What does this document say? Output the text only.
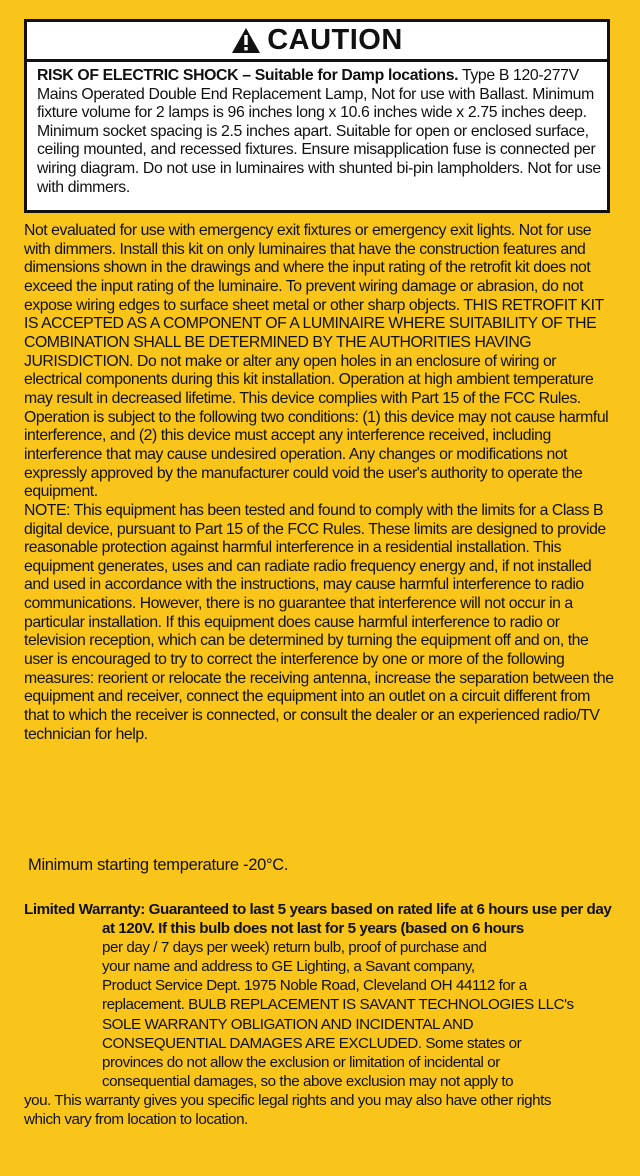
CAUTION
RISK OF ELECTRIC SHOCK – Suitable for Damp locations. Type B 120-277V Mains Operated Double End Replacement Lamp, Not for use with Ballast. Minimum fixture volume for 2 lamps is 96 inches long x 10.6 inches wide x 2.75 inches deep. Minimum socket spacing is 2.5 inches apart. Suitable for open or enclosed surface, ceiling mounted, and recessed fixtures. Ensure misapplication fuse is connected per wiring diagram. Do not use in luminaires with shunted bi-pin lampholders. Not for use with dimmers.
Not evaluated for use with emergency exit fixtures or emergency exit lights. Not for use with dimmers. Install this kit on only luminaires that have the construction features and dimensions shown in the drawings and where the input rating of the retrofit kit does not exceed the input rating of the luminaire. To prevent wiring damage or abrasion, do not expose wiring edges to surface sheet metal or other sharp objects. THIS RETROFIT KIT IS ACCEPTED AS A COMPONENT OF A LUMINAIRE WHERE SUITABILITY OF THE COMBINATION SHALL BE DETERMINED BY THE AUTHORITIES HAVING JURISDICTION. Do not make or alter any open holes in an enclosure of wiring or electrical components during this kit installation. Operation at high ambient temperature may result in decreased lifetime. This device complies with Part 15 of the FCC Rules. Operation is subject to the following two conditions: (1) this device may not cause harmful interference, and (2) this device must accept any interference received, including interference that may cause undesired operation. Any changes or modifications not expressly approved by the manufacturer could void the user's authority to operate the equipment.
NOTE: This equipment has been tested and found to comply with the limits for a Class B digital device, pursuant to Part 15 of the FCC Rules. These limits are designed to provide reasonable protection against harmful interference in a residential installation. This equipment generates, uses and can radiate radio frequency energy and, if not installed and used in accordance with the instructions, may cause harmful interference to radio communications. However, there is no guarantee that interference will not occur in a particular installation. If this equipment does cause harmful interference to radio or television reception, which can be determined by turning the equipment off and on, the user is encouraged to try to correct the interference by one or more of the following measures: reorient or relocate the receiving antenna, increase the separation between the equipment and receiver, connect the equipment into an outlet on a circuit different from that to which the receiver is connected, or consult the dealer or an experienced radio/TV technician for help.
Minimum starting temperature -20°C.
Limited Warranty: Guaranteed to last 5 years based on rated life at 6 hours use per day
at 120V. If this bulb does not last for 5 years (based on 6 hours
per day / 7 days per week) return bulb, proof of purchase and
your name and address to GE Lighting, a Savant company,
Product Service Dept. 1975 Noble Road, Cleveland OH 44112 for a
replacement. BULB REPLACEMENT IS SAVANT TECHNOLOGIES LLC's
SOLE WARRANTY OBLIGATION AND INCIDENTAL AND
CONSEQUENTIAL DAMAGES ARE EXCLUDED. Some states or
provinces do not allow the exclusion or limitation of incidental or
consequential damages, so the above exclusion may not apply to
you. This warranty gives you specific legal rights and you may also have other rights
which vary from location to location.
